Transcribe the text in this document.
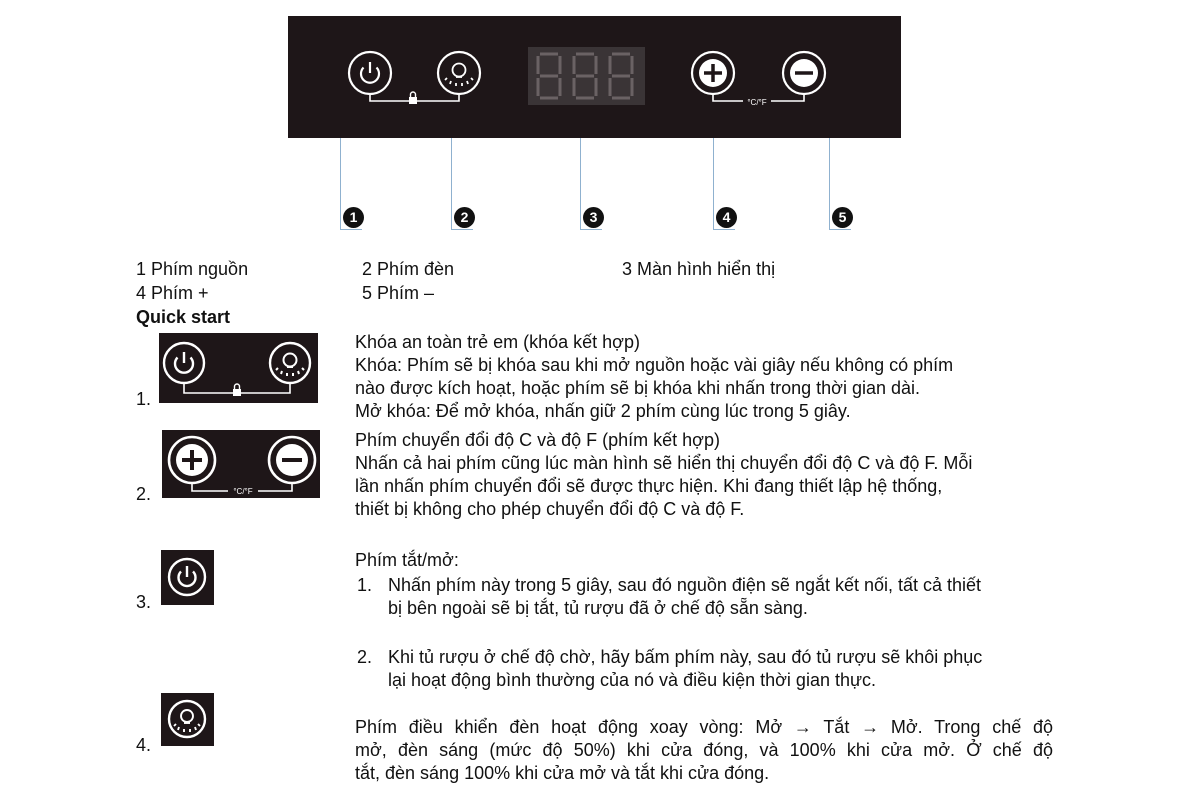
°C/°F
1	2	3	4	5
1 Phím nguồn	2 Phím đèn	3 Màn hình hiển thị
4 Phím +	5 Phím –
Quick start
1.
Khóa an toàn trẻ em (khóa kết hợp)
Khóa: Phím sẽ bị khóa sau khi mở nguồn hoặc vài giây nếu không có phím
nào được kích hoạt, hoặc phím sẽ bị khóa khi nhấn trong thời gian dài.
Mở khóa: Để mở khóa, nhấn giữ 2 phím cùng lúc trong 5 giây.
2.	°C/°F
Phím chuyển đổi độ C và độ F (phím kết hợp)
Nhấn cả hai phím cũng lúc màn hình sẽ hiển thị chuyển đổi độ C và độ F. Mỗi
lần nhấn phím chuyển đổi sẽ được thực hiện. Khi đang thiết lập hệ thống,
thiết bị không cho phép chuyển đổi độ C và độ F.
3.
Phím tắt/mở:
1. Nhấn phím này trong 5 giây, sau đó nguồn điện sẽ ngắt kết nối, tất cả thiết
bị bên ngoài sẽ bị tắt, tủ rượu đã ở chế độ sẵn sàng.
2. Khi tủ rượu ở chế độ chờ, hãy bấm phím này, sau đó tủ rượu sẽ khôi phục
lại hoạt động bình thường của nó và điều kiện thời gian thực.
4.
Phím điều khiển đèn hoạt động xoay vòng: Mở → Tắt → Mở. Trong chế độ
mở, đèn sáng (mức độ 50%) khi cửa đóng, và 100% khi cửa mở. Ở chế độ
tắt, đèn sáng 100% khi cửa mở và tắt khi cửa đóng.
